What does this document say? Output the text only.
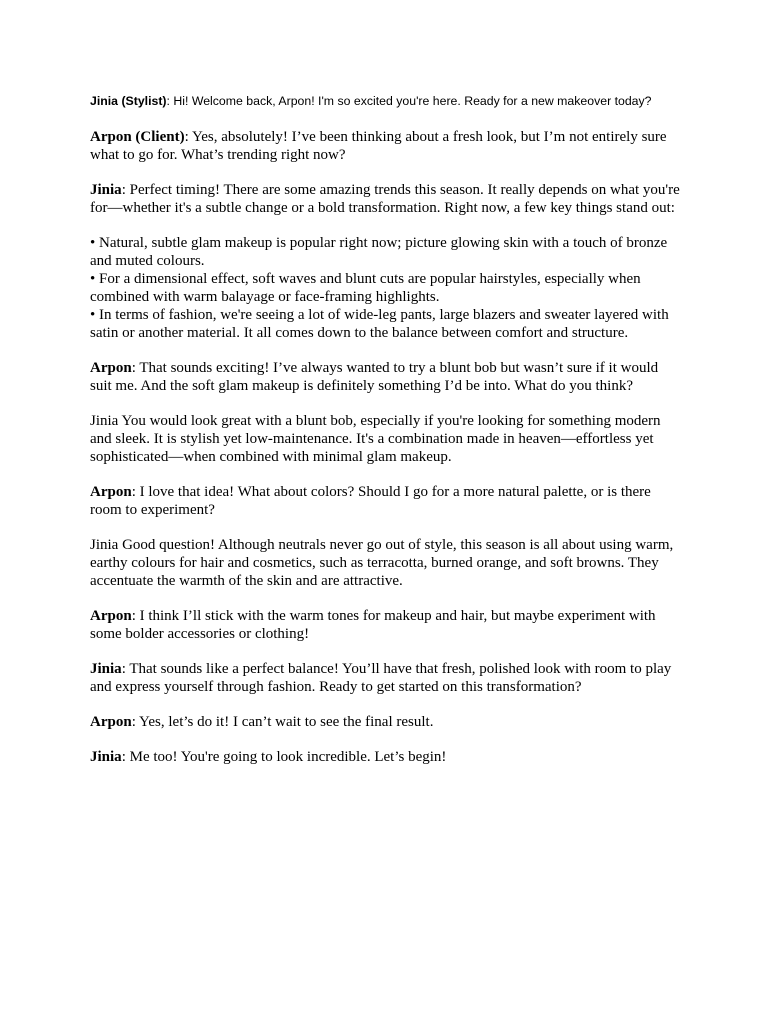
Jinia (Stylist): Hi! Welcome back, Arpon! I'm so excited you're here. Ready for a new makeover today?

Arpon (Client): Yes, absolutely! I’ve been thinking about a fresh look, but I’m not entirely sure what to go for. What’s trending right now?

Jinia: Perfect timing! There are some amazing trends this season. It really depends on what you're for—whether it's a subtle change or a bold transformation. Right now, a few key things stand out:

• Natural, subtle glam makeup is popular right now; picture glowing skin with a touch of bronze and muted colours.

• For a dimensional effect, soft waves and blunt cuts are popular hairstyles, especially when combined with warm balayage or face-framing highlights.

• In terms of fashion, we're seeing a lot of wide-leg pants, large blazers and sweater layered with satin or another material. It all comes down to the balance between comfort and structure.

Arpon: That sounds exciting! I’ve always wanted to try a blunt bob but wasn’t sure if it would suit me. And the soft glam makeup is definitely something I’d be into. What do you think?

Jinia You would look great with a blunt bob, especially if you're looking for something modern and sleek. It is stylish yet low-maintenance. It's a combination made in heaven—effortless yet sophisticated—when combined with minimal glam makeup.

Arpon: I love that idea! What about colors? Should I go for a more natural palette, or is there room to experiment?

Jinia Good question! Although neutrals never go out of style, this season is all about using warm, earthy colours for hair and cosmetics, such as terracotta, burned orange, and soft browns. They accentuate the warmth of the skin and are attractive.

Arpon: I think I’ll stick with the warm tones for makeup and hair, but maybe experiment with some bolder accessories or clothing!

Jinia: That sounds like a perfect balance! You’ll have that fresh, polished look with room to play and express yourself through fashion. Ready to get started on this transformation?

Arpon: Yes, let’s do it! I can’t wait to see the final result.

Jinia: Me too! You're going to look incredible. Let’s begin!
